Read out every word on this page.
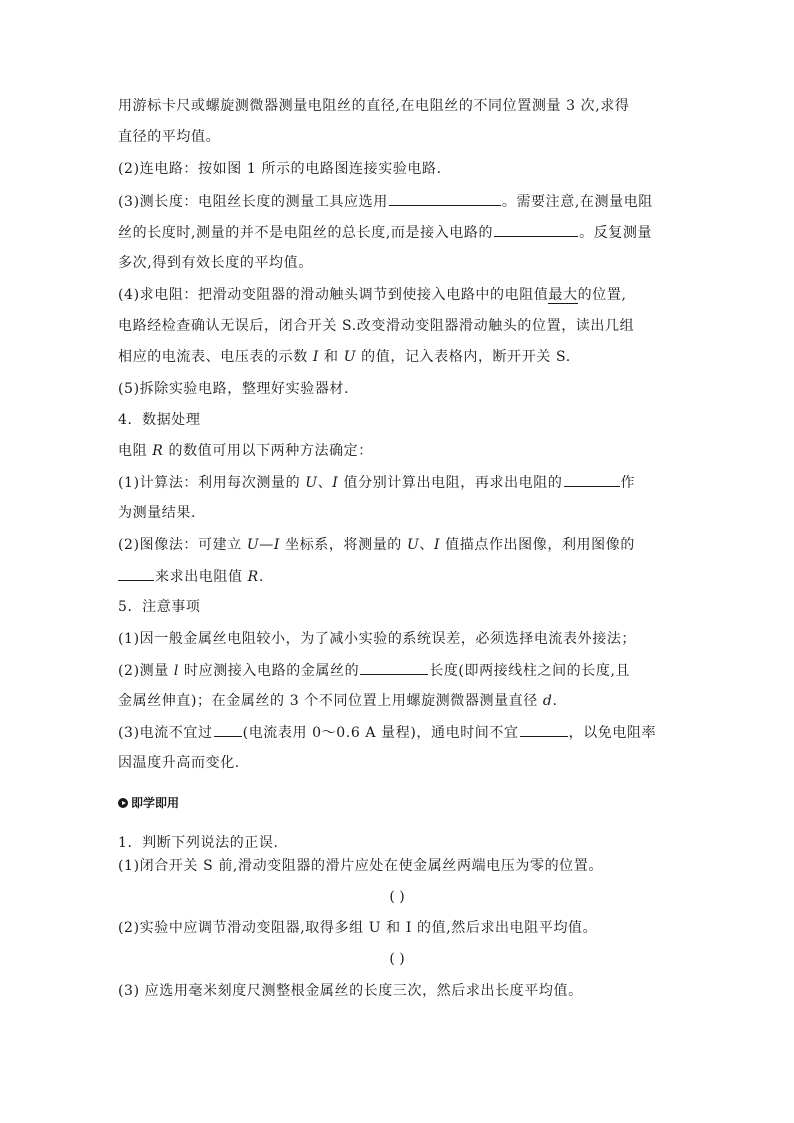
用游标卡尺或螺旋测微器测量电阻丝的直径,在电阻丝的不同位置测量 3 次,求得
直径的平均值。
(2)连电路：按如图 1 所示的电路图连接实验电路.
(3)测长度：电阻丝长度的测量工具应选用	。需要注意,在测量电阻
丝的长度时,测量的并不是电阻丝的总长度,而是接入电路的	。反复测量
多次,得到有效长度的平均值。
(4)求电阻：把滑动变阻器的滑动触头调节到使接入电路中的电阻值最大的位置,
电路经检查确认无误后，闭合开关 S.改变滑动变阻器滑动触头的位置，读出几组
相应的电流表、电压表的示数 I 和 U 的值，记入表格内，断开开关 S.
(5)拆除实验电路，整理好实验器材.
4．数据处理
电阻 R 的数值可用以下两种方法确定：
(1)计算法：利用每次测量的 U、I 值分别计算出电阻，再求出电阻的	作
为测量结果.
(2)图像法：可建立 U—I 坐标系，将测量的 U、I 值描点作出图像，利用图像的
来求出电阻值 R.
5．注意事项
(1)因一般金属丝电阻较小，为了减小实验的系统误差，必须选择电流表外接法；
(2)测量 l 时应测接入电路的金属丝的	长度(即两接线柱之间的长度,且
金属丝伸直)；在金属丝的 3 个不同位置上用螺旋测微器测量直径 d.
(3)电流不宜过 (电流表用 0～0.6 A 量程)，通电时间不宜	，以免电阻率
因温度升高而变化.
即学即用
1．判断下列说法的正误.
(1)闭合开关 S 前,滑动变阻器的滑片应处在使金属丝两端电压为零的位置。
( )
(2)实验中应调节滑动变阻器,取得多组 U 和 I 的值,然后求出电阻平均值。
( )
(3) 应选用毫米刻度尺测整根金属丝的长度三次，然后求出长度平均值。
